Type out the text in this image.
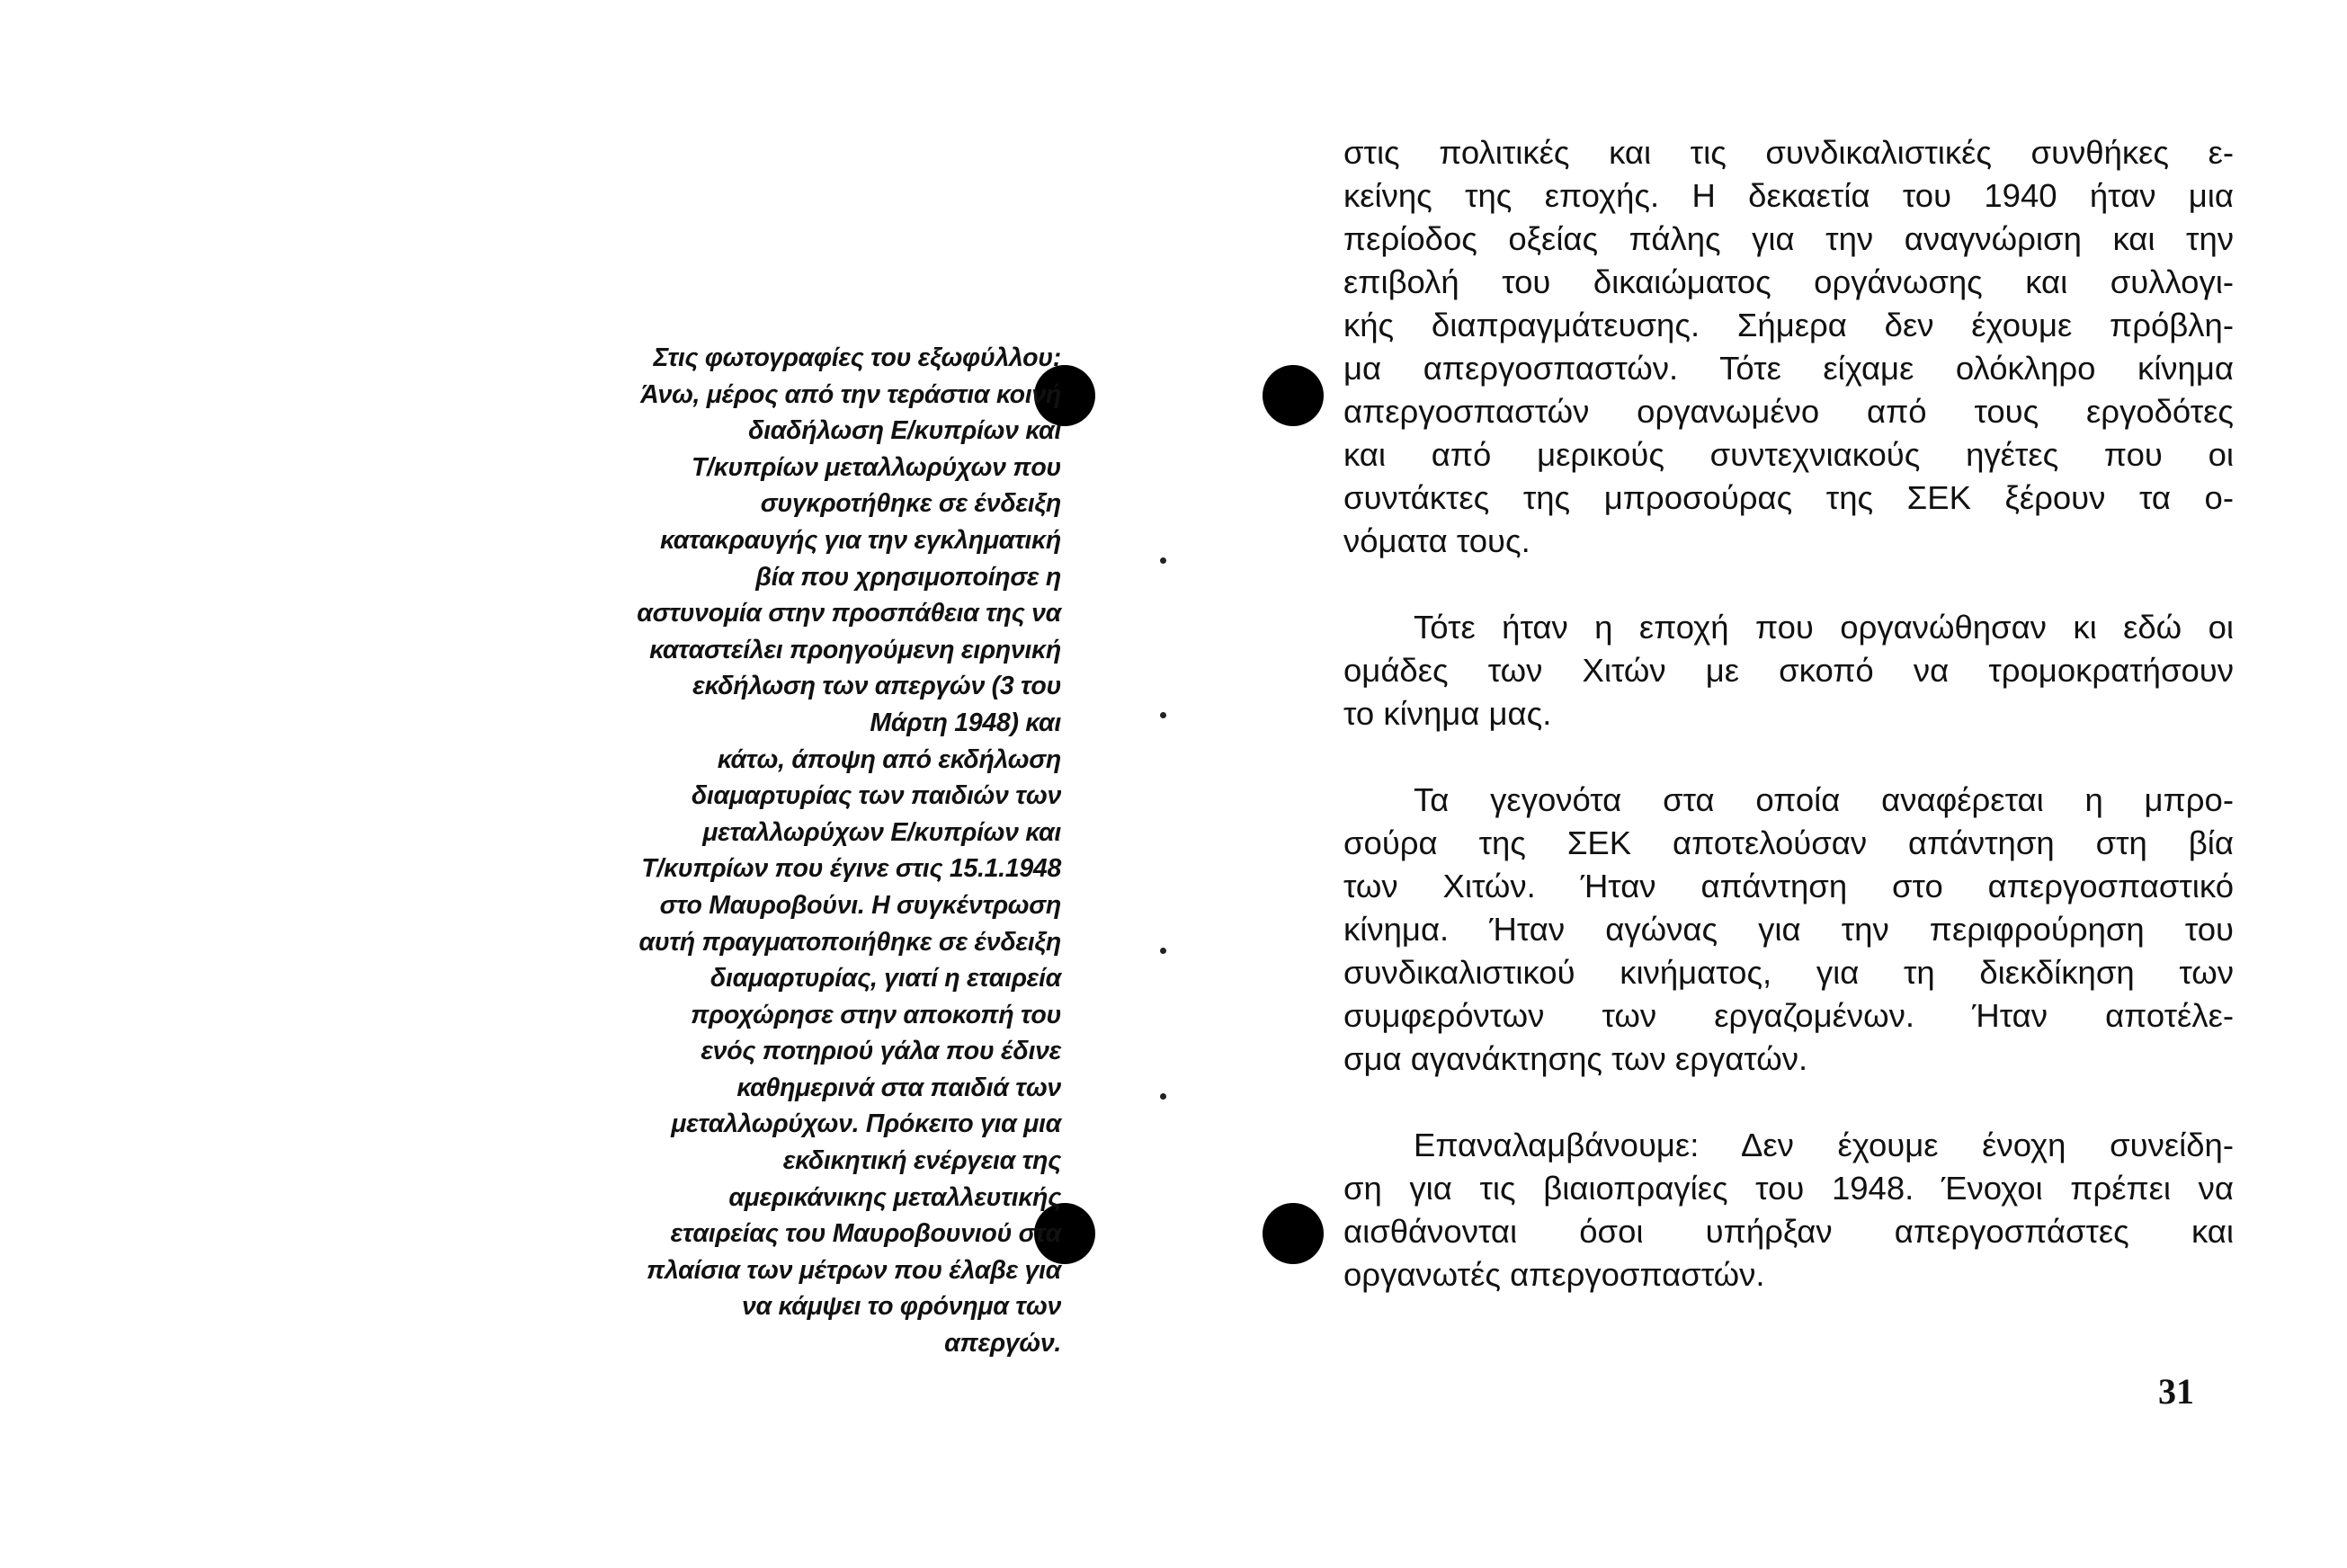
Στις φωτογραφίες του εξωφύλλου:
Άνω, μέρος από την τεράστια κοινή
διαδήλωση Ε/κυπρίων και
Τ/κυπρίων μεταλλωρύχων που
συγκροτήθηκε σε ένδειξη
κατακραυγής για την εγκληματική
βία που χρησιμοποίησε η
αστυνομία στην προσπάθεια της να
καταστείλει προηγούμενη ειρηνική
εκδήλωση των απεργών (3 του
Μάρτη 1948) και
κάτω, άποψη από εκδήλωση
διαμαρτυρίας των παιδιών των
μεταλλωρύχων Ε/κυπρίων και
Τ/κυπρίων που έγινε στις 15.1.1948
στο Μαυροβούνι. Η συγκέντρωση
αυτή πραγματοποιήθηκε σε ένδειξη
διαμαρτυρίας, γιατί η εταιρεία
προχώρησε στην αποκοπή του
ενός ποτηριού γάλα που έδινε
καθημερινά στα παιδιά των
μεταλλωρύχων. Πρόκειτο για μια
εκδικητική ενέργεια της
αμερικάνικης μεταλλευτικής
εταιρείας του Μαυροβουνιού στα
πλαίσια των μέτρων που έλαβε για
να κάμψει το φρόνημα των
απεργών.
στις πολιτικές και τις συνδικαλιστικές συνθήκες ε-
κείνης της εποχής. Η δεκαετία του 1940 ήταν μια
περίοδος οξείας πάλης για την αναγνώριση και την
επιβολή του δικαιώματος οργάνωσης και συλλογι-
κής διαπραγμάτευσης. Σήμερα δεν έχουμε πρόβλη-
μα απεργοσπαστών. Τότε είχαμε ολόκληρο κίνημα
απεργοσπαστών οργανωμένο από τους εργοδότες
και από μερικούς συντεχνιακούς ηγέτες που οι
συντάκτες της μπροσούρας της ΣΕΚ ξέρουν τα ο-
νόματα τους.
Τότε ήταν η εποχή που οργανώθησαν κι εδώ οι
ομάδες των Χιτών με σκοπό να τρομοκρατήσουν
το κίνημα μας.
Τα γεγονότα στα οποία αναφέρεται η μπρο-
σούρα της ΣΕΚ αποτελούσαν απάντηση στη βία
των Χιτών. Ήταν απάντηση στο απεργοσπαστικό
κίνημα. Ήταν αγώνας για την περιφρούρηση του
συνδικαλιστικού κινήματος, για τη διεκδίκηση των
συμφερόντων των εργαζομένων. Ήταν αποτέλε-
σμα αγανάκτησης των εργατών.
Επαναλαμβάνουμε: Δεν έχουμε ένοχη συνείδη-
ση για τις βιαιοπραγίες του 1948. Ένοχοι πρέπει να
αισθάνονται όσοι υπήρξαν απεργοσπάστες και
οργανωτές απεργοσπαστών.
31
